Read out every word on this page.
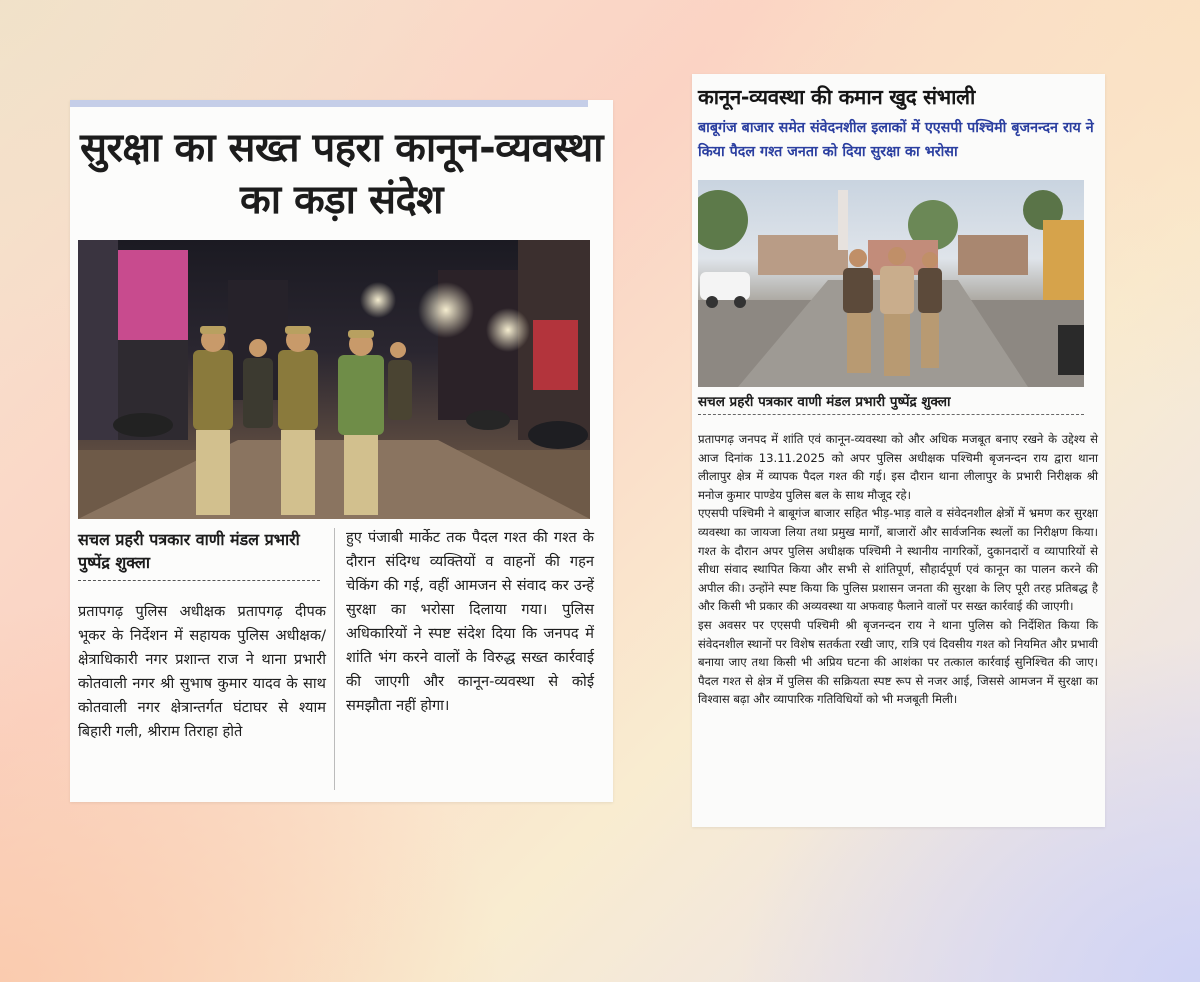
सुरक्षा का सख्त पहरा कानून-व्यवस्था का कड़ा संदेश
सचल प्रहरी पत्रकार वाणी मंडल प्रभारी पुष्पेंद्र शुक्ला

प्रतापगढ़ पुलिस अधीक्षक प्रतापगढ़ दीपक भूकर के निर्देशन में सहायक पुलिस अधीक्षक/क्षेत्राधिकारी नगर प्रशान्त राज ने थाना प्रभारी कोतवाली नगर श्री सुभाष कुमार यादव के साथ कोतवाली नगर क्षेत्रान्तर्गत घंटाघर से श्याम बिहारी गली, श्रीराम तिराहा होते

हुए पंजाबी मार्केट तक पैदल गश्त की गश्त के दौरान संदिग्ध व्यक्तियों व वाहनों की गहन चेकिंग की गई, वहीं आमजन से संवाद कर उन्हें सुरक्षा का भरोसा दिलाया गया। पुलिस अधिकारियों ने स्पष्ट संदेश दिया कि जनपद में शांति भंग करने वालों के विरुद्ध सख्त कार्रवाई की जाएगी और कानून-व्यवस्था से कोई समझौता नहीं होगा।

कानून-व्यवस्था की कमान खुद संभाली
बाबूगंज बाजार समेत संवेदनशील इलाकों में एएसपी पश्चिमी बृजनन्दन राय ने किया पैदल गश्त जनता को दिया सुरक्षा का भरोसा
सचल प्रहरी पत्रकार वाणी मंडल प्रभारी पुष्पेंद्र शुक्ला

प्रतापगढ़ जनपद में शांति एवं कानून-व्यवस्था को और अधिक मजबूत बनाए रखने के उद्देश्य से आज दिनांक 13.11.2025 को अपर पुलिस अधीक्षक पश्चिमी बृजनन्दन राय द्वारा थाना लीलापुर क्षेत्र में व्यापक पैदल गश्त की गई। इस दौरान थाना लीलापुर के प्रभारी निरीक्षक श्री मनोज कुमार पाण्डेय पुलिस बल के साथ मौजूद रहे।

एएसपी पश्चिमी ने बाबूगंज बाजार सहित भीड़-भाड़ वाले व संवेदनशील क्षेत्रों में भ्रमण कर सुरक्षा व्यवस्था का जायजा लिया तथा प्रमुख मार्गों, बाजारों और सार्वजनिक स्थलों का निरीक्षण किया।गश्त के दौरान अपर पुलिस अधीक्षक पश्चिमी ने स्थानीय नागरिकों, दुकानदारों व व्यापारियों से सीधा संवाद स्थापित किया और सभी से शांतिपूर्ण, सौहार्दपूर्ण एवं कानून का पालन करने की अपील की। उन्होंने स्पष्ट किया कि पुलिस प्रशासन जनता की सुरक्षा के लिए पूरी तरह प्रतिबद्ध है और किसी भी प्रकार की अव्यवस्था या अफवाह फैलाने वालों पर सख्त कार्रवाई की जाएगी।

इस अवसर पर एएसपी पश्चिमी श्री बृजनन्दन राय ने थाना पुलिस को निर्देशित किया कि संवेदनशील स्थानों पर विशेष सतर्कता रखी जाए, रात्रि एवं दिवसीय गश्त को नियमित और प्रभावी बनाया जाए तथा किसी भी अप्रिय घटना की आशंका पर तत्काल कार्रवाई सुनिश्चित की जाए।पैदल गश्त से क्षेत्र में पुलिस की सक्रियता स्पष्ट रूप से नजर आई, जिससे आमजन में सुरक्षा का विश्वास बढ़ा और व्यापारिक गतिविधियों को भी मजबूती मिली।
